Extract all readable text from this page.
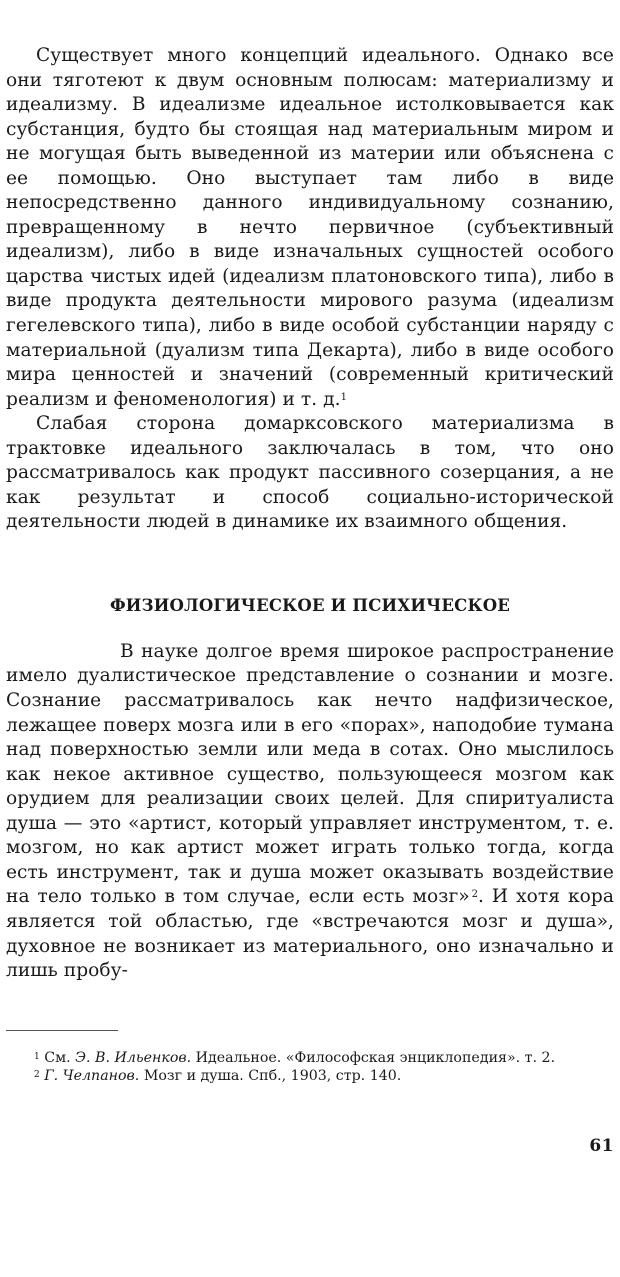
Существует много концепций идеального. Однако все они тяготеют к двум основным полюсам: материализму и идеализму. В идеализме идеальное истолковывается как субстанция, будто бы стоящая над материальным миром и не могущая быть выведенной из материи или объяснена с ее помощью. Оно выступает там либо в виде непосредственно данного индивидуальному сознанию, превращенному в нечто первичное (субъективный идеализм), либо в виде изначальных сущностей особого царства чистых идей (идеализм платоновского типа), либо в виде продукта деятельности мирового разума (идеализм гегелевского типа), либо в виде особой субстанции наряду с материальной (дуализм типа Декарта), либо в виде особого мира ценностей и значений (современный критический реализм и феноменология) и т. д.$^1$

Слабая сторона домарксовского материализма в трактовке идеального заключалась в том, что оно рассматривалось как продукт пассивного созерцания, а не как результат и способ социально-исторической деятельности людей в динамике их взаимного общения.

ФИЗИОЛОГИЧЕСКОЕ И ПСИХИЧЕСКОЕ

В науке долгое время широкое распространение имело дуалистическое представление о сознании и мозге. Сознание рассматривалось как нечто надфизическое, лежащее поверх мозга или в его «порах», наподобие тумана над поверхностью земли или меда в сотах. Оно мыслилось как некое активное существо, пользующееся мозгом как орудием для реализации своих целей. Для спиритуалиста душа — это «артист, который управляет инструментом, т. е. мозгом, но как артист может играть только тогда, когда есть инструмент, так и душа может оказывать воздействие на тело только в том случае, если есть мозг»  $^2$. И хотя кора является той областью, где «встречаются мозг и душа», духовное не возникает из материального, оно изначально и лишь пробу-

$^1$ См. Э. В. Ильенков. Идеальное. «Философская энциклопедия». т. 2.

$^2$ Г. Челпанов. Мозг и душа. Спб., 1903, стр. 140.

61
